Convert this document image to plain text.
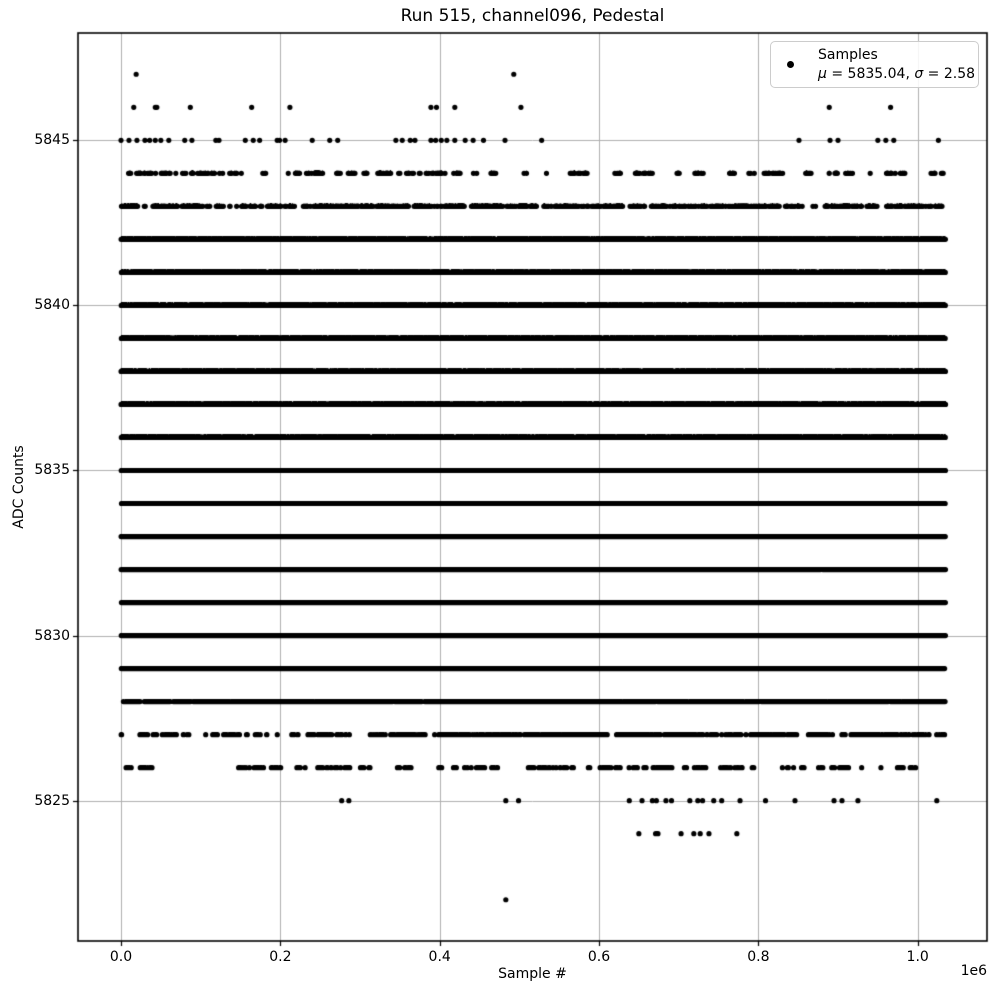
Run 515, channel096, Pedestal
Sample #
ADC Counts
1e6
0.0	0.2	0.4	0.6	0.8	1.0
5825
5830
5835
5840
5845
Samples
μ = 5835.04, σ = 2.58
